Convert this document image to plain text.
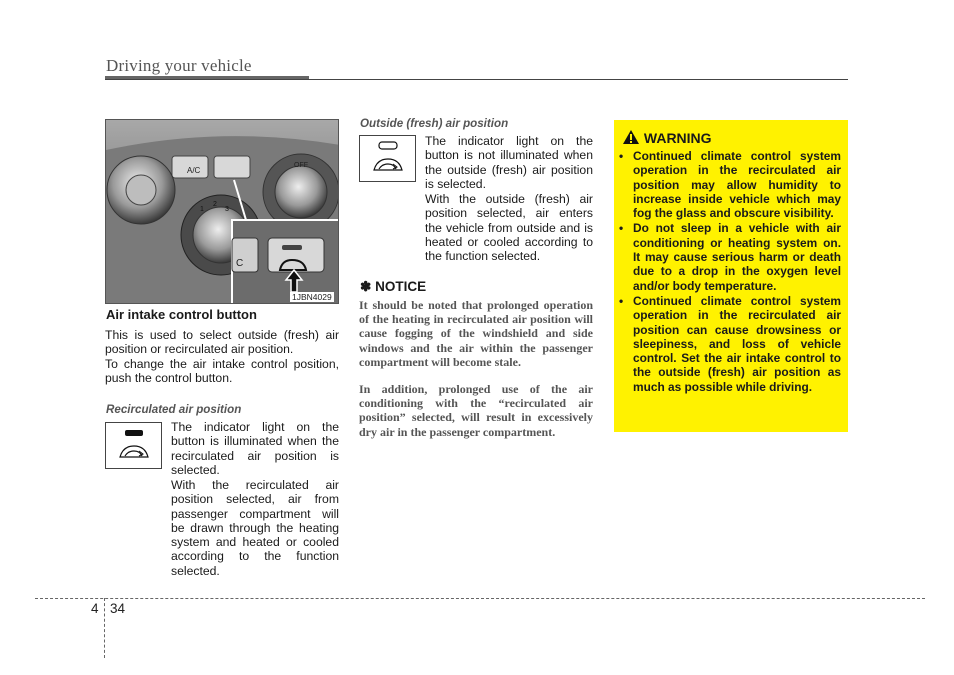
Driving your vehicle
A/C
OFF
C
1
2
3
1JBN4029
Air intake control button
This is used to select outside (fresh) air position or recirculated air position.
To change the air intake control position, push the control button.
Recirculated air position
The indicator light on the button is illuminated when the recirculated air position is selected.
With the recirculated air position selected, air from passenger compartment will be drawn through the heating system and heated or cooled according to the function selected.
Outside (fresh) air position
The indicator light on the button is not illuminated when the outside (fresh) air position is selected.
With the outside (fresh) air position selected, air enters the vehicle from outside and is heated or cooled according to the function selected.
✽ NOTICE
It should be noted that prolonged operation of the heating in recirculated air position will cause fogging of the windshield and side windows and the air within the passenger compartment will become stale.
In addition, prolonged use of the air conditioning with the “recirculated air position” selected, will result in excessively dry air in the passenger compartment.
WARNING
• Continued climate control system operation in the recirculated air position may allow humidity to increase inside vehicle which may fog the glass and obscure visibility.
• Do not sleep in a vehicle with air conditioning or heating system on. It may cause serious harm or death due to a drop in the oxygen level and/or body temperature.
• Continued climate control system operation in the recirculated air position can cause drowsiness or sleepiness, and loss of vehicle control. Set the air intake control to the outside (fresh) air position as much as possible while driving.
4 34
